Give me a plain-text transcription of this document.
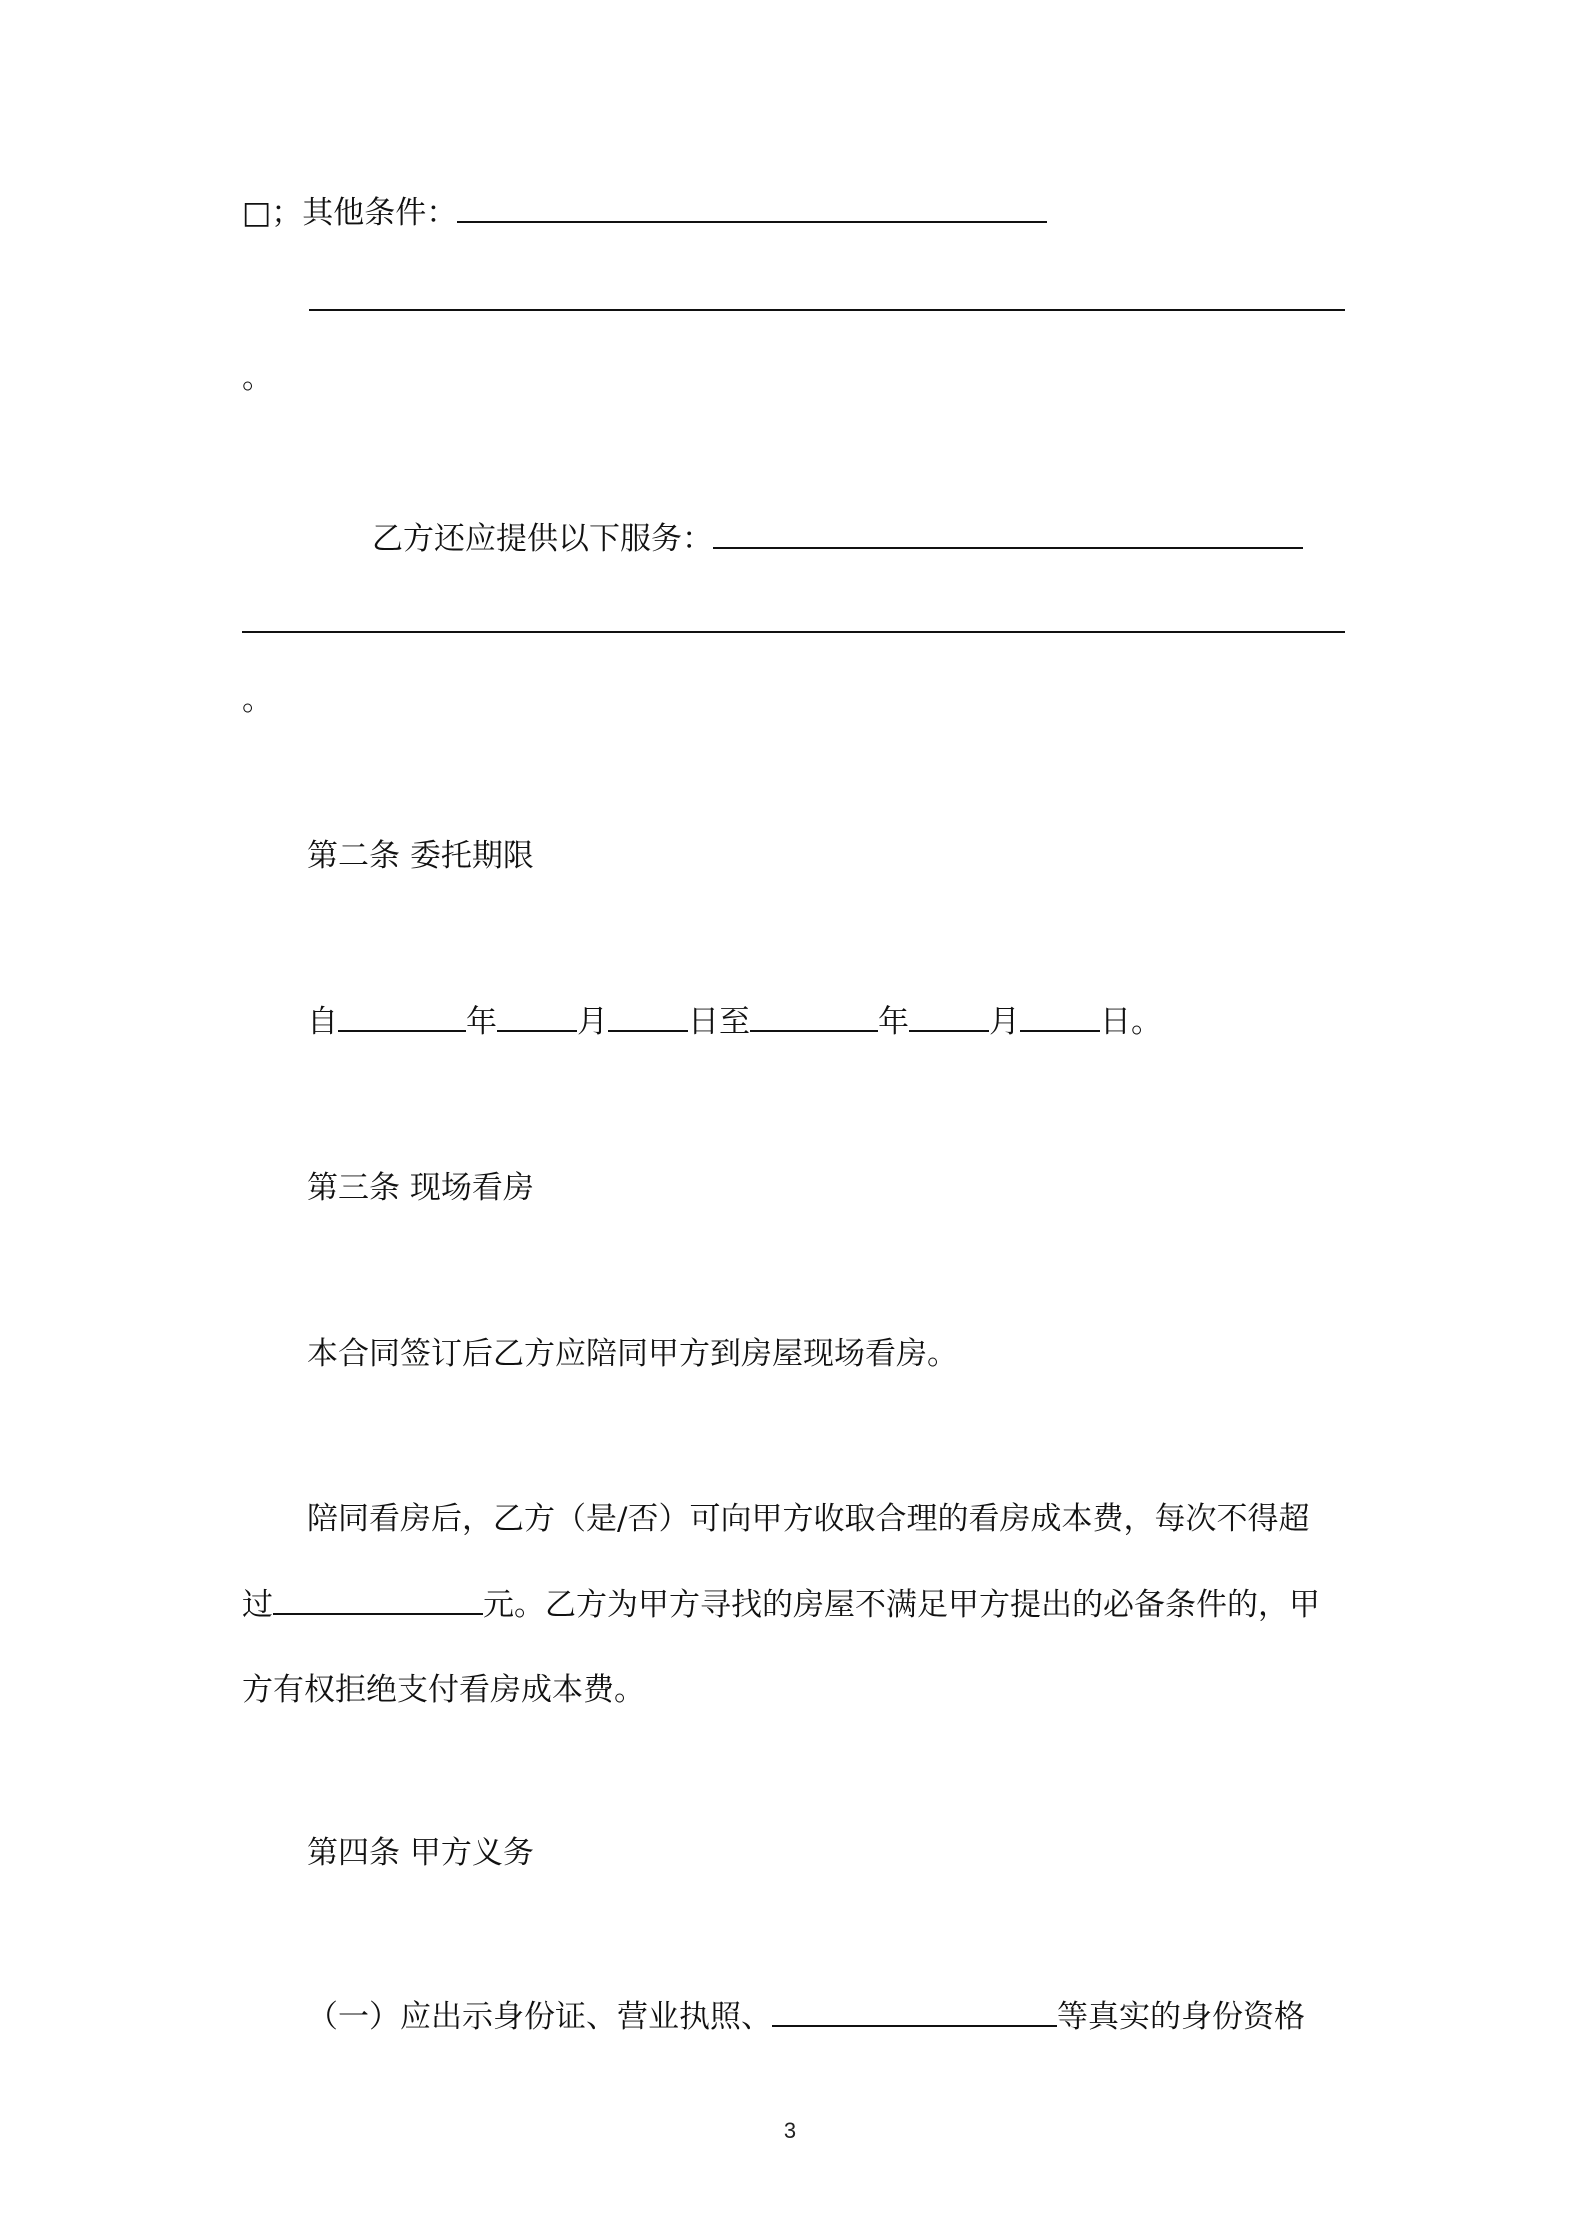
□；其他条件：
。
乙方还应提供以下服务：
。
第二条 委托期限
自	年	月	日至	年	月	日。
第三条 现场看房
本合同签订后乙方应陪同甲方到房屋现场看房。
陪同看房后，乙方（是/否）可向甲方收取合理的看房成本费，每次不得超
过	元。乙方为甲方寻找的房屋不满足甲方提出的必备条件的，甲
方有权拒绝支付看房成本费。
第四条 甲方义务
（一）应出示身份证、营业执照、	等真实的身份资格
3
